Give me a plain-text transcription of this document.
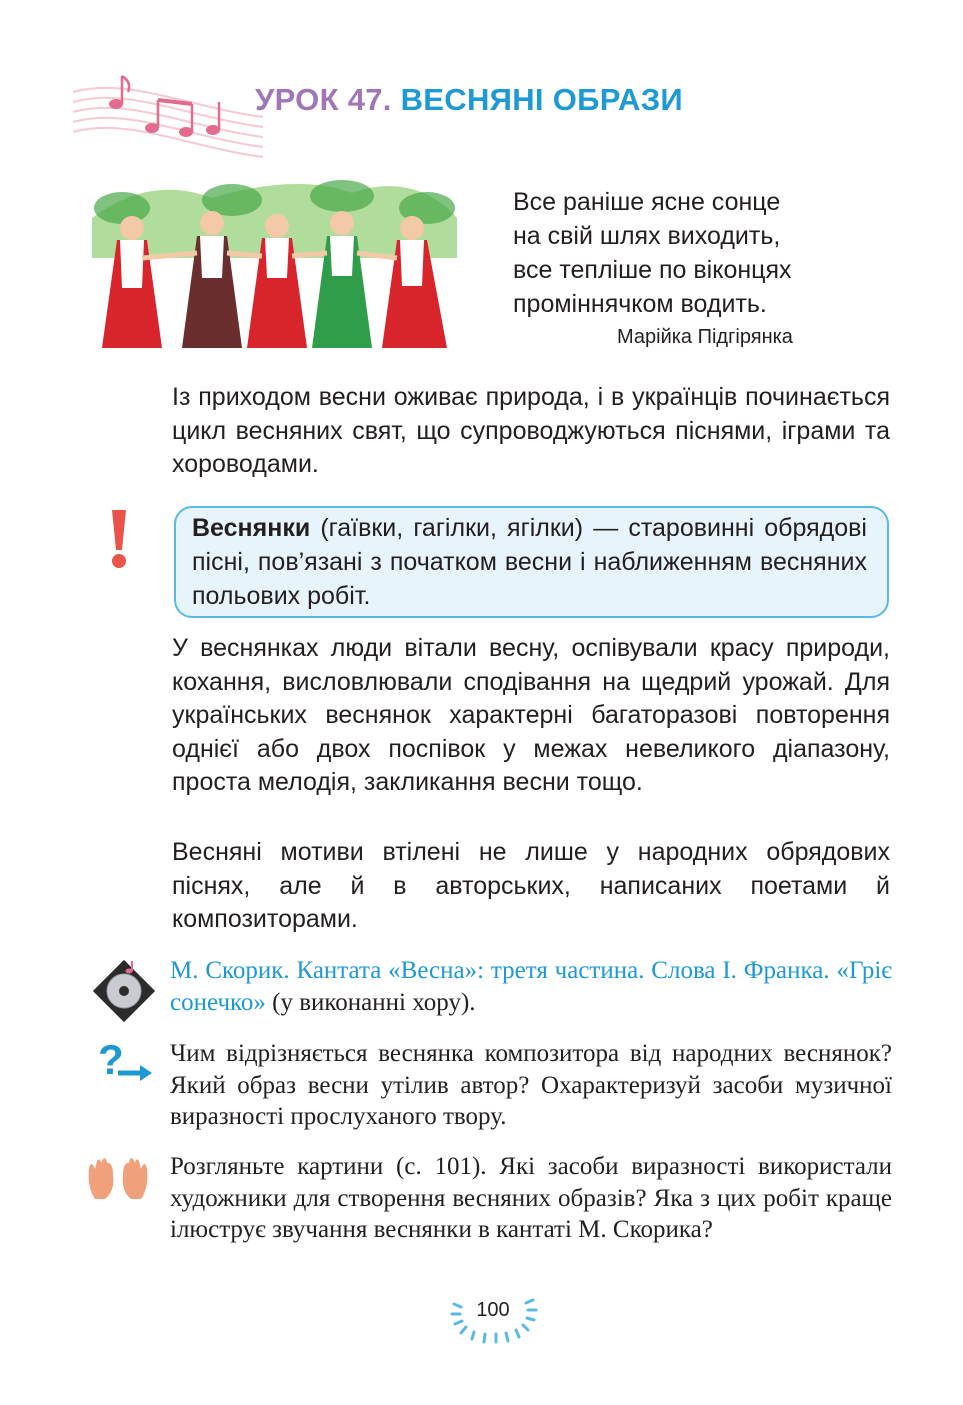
УРОК 47. ВЕСНЯНІ ОБРАЗИ
Все раніше ясне сонце
на свій шлях виходить,
все тепліше по віконцях
проміннячком водить.
Марійка Підгірянка
Із приходом весни оживає природа, і в українців починається цикл весняних свят, що супроводжуються піснями, іграми та хороводами.
Веснянки (гаївки, гагілки, ягілки) — старовинні обрядові пісні, пов’язані з початком весни і наближенням весняних польових робіт.
У веснянках люди вітали весну, оспівували красу природи, кохання, висловлювали сподівання на щедрий урожай. Для українських веснянок характерні багаторазові повторення однієї або двох поспівок у межах невеликого діапазону, проста мелодія, закликання весни тощо.
Весняні мотиви втілені не лише у народних обрядових піснях, але й в авторських, написаних поетами й композиторами.
М. Скорик. Кантата «Весна»: третя частина. Слова І. Франка. «Гріє сонечко» (у виконанні хору).
? Чим відрізняється веснянка композитора від народних веснянок? Який образ весни утілив автор? Охарактеризуй засоби музичної виразності прослуханого твору.
Розгляньте картини (с. 101). Які засоби виразності використали художники для створення весняних образів? Яка з цих робіт краще ілюструє звучання веснянки в кантаті М. Скорика?
100
